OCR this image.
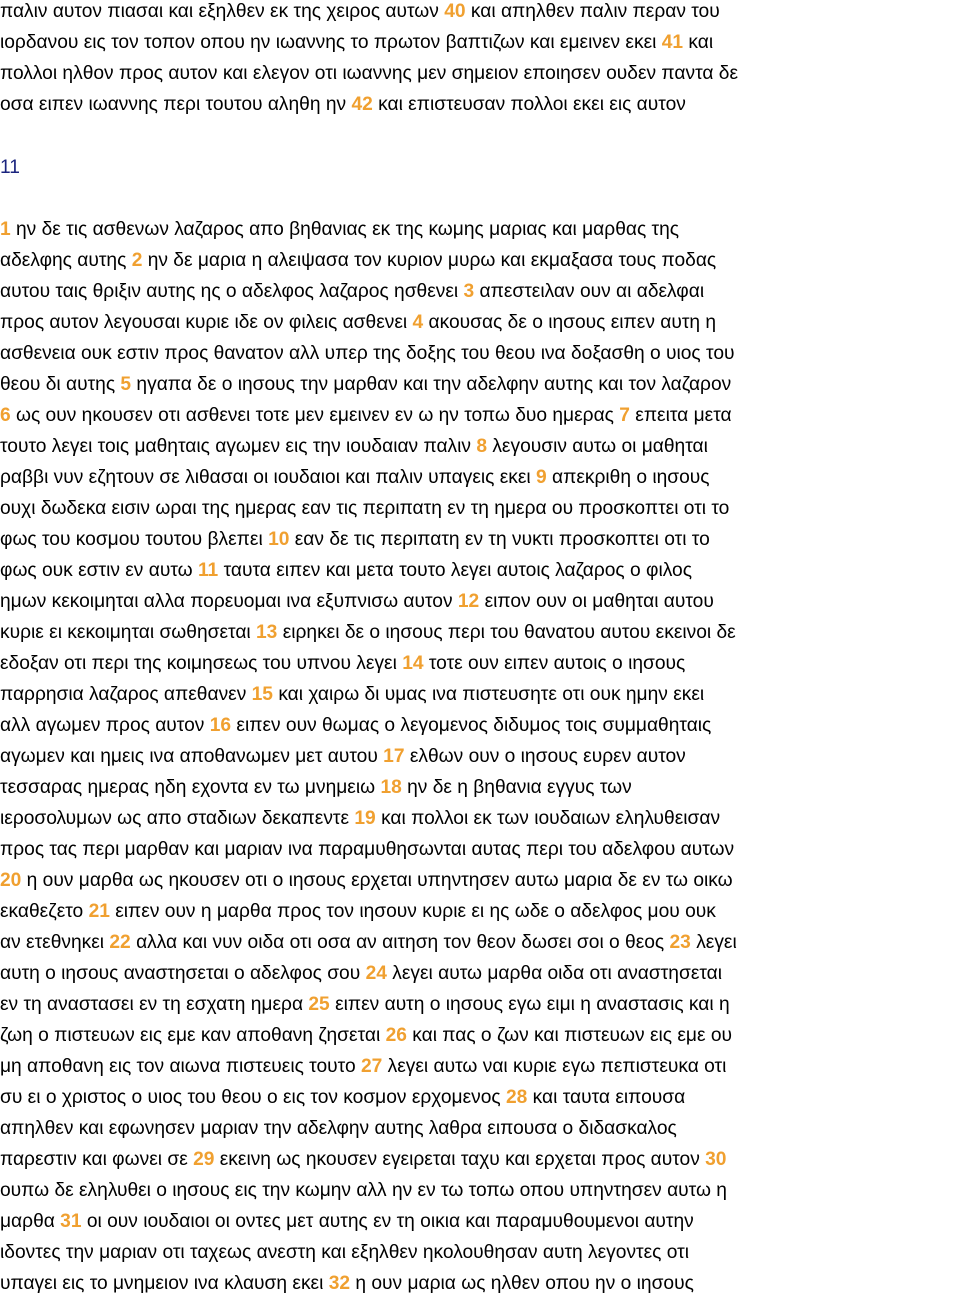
παλιν αυτον πιασαι και εξηλθεν εκ της χειρος αυτων 40 και απηλθεν παλιν περαν του
ιορδανου εις τον τοπον οπου ην ιωαννης το πρωτον βαπτιζων και εμεινεν εκει 41 και
πολλοι ηλθον προς αυτον και ελεγον οτι ιωαννης μεν σημειον εποιησεν ουδεν παντα δε
οσα ειπεν ιωαννης περι τουτου αληθη ην 42 και επιστευσαν πολλοι εκει εις αυτον
11
1 ην δε τις ασθενων λαζαρος απο βηθανιας εκ της κωμης μαριας και μαρθας της
αδελφης αυτης 2 ην δε μαρια η αλειψασα τον κυριον μυρω και εκμαξασα τους ποδας
αυτου ταις θριξιν αυτης ης ο αδελφος λαζαρος ησθενει 3 απεστειλαν ουν αι αδελφαι
προς αυτον λεγουσαι κυριε ιδε ον φιλεις ασθενει 4 ακουσας δε ο ιησους ειπεν αυτη η
ασθενεια ουκ εστιν προς θανατον αλλ υπερ της δοξης του θεου ινα δοξασθη ο υιος του
θεου δι αυτης 5 ηγαπα δε ο ιησους την μαρθαν και την αδελφην αυτης και τον λαζαρον
6 ως ουν ηκουσεν οτι ασθενει τοτε μεν εμεινεν εν ω ην τοπω δυο ημερας 7 επειτα μετα
τουτο λεγει τοις μαθηταις αγωμεν εις την ιουδαιαν παλιν 8 λεγουσιν αυτω οι μαθηται
ραββι νυν εζητουν σε λιθασαι οι ιουδαιοι και παλιν υπαγεις εκει 9 απεκριθη ο ιησους
ουχι δωδεκα εισιν ωραι της ημερας εαν τις περιπατη εν τη ημερα ου προσκοπτει οτι το
φως του κοσμου τουτου βλεπει 10 εαν δε τις περιπατη εν τη νυκτι προσκοπτει οτι το
φως ουκ εστιν εν αυτω 11 ταυτα ειπεν και μετα τουτο λεγει αυτοις λαζαρος ο φιλος
ημων κεκοιμηται αλλα πορευομαι ινα εξυπνισω αυτον 12 ειπον ουν οι μαθηται αυτου
κυριε ει κεκοιμηται σωθησεται 13 ειρηκει δε ο ιησους περι του θανατου αυτου εκεινοι δε
εδοξαν οτι περι της κοιμησεως του υπνου λεγει 14 τοτε ουν ειπεν αυτοις ο ιησους
παρρησια λαζαρος απεθανεν 15 και χαιρω δι υμας ινα πιστευσητε οτι ουκ ημην εκει
αλλ αγωμεν προς αυτον 16 ειπεν ουν θωμας ο λεγομενος διδυμος τοις συμμαθηταις
αγωμεν και ημεις ινα αποθανωμεν μετ αυτου 17 ελθων ουν ο ιησους ευρεν αυτον
τεσσαρας ημερας ηδη εχοντα εν τω μνημειω 18 ην δε η βηθανια εγγυς των
ιεροσολυμων ως απο σταδιων δεκαπεντε 19 και πολλοι εκ των ιουδαιων εληλυθεισαν
προς τας περι μαρθαν και μαριαν ινα παραμυθησωνται αυτας περι του αδελφου αυτων
20 η ουν μαρθα ως ηκουσεν οτι ο ιησους ερχεται υπηντησεν αυτω μαρια δε εν τω οικω
εκαθεζετο 21 ειπεν ουν η μαρθα προς τον ιησουν κυριε ει ης ωδε ο αδελφος μου ουκ
αν ετεθνηκει 22 αλλα και νυν οιδα οτι οσα αν αιτηση τον θεον δωσει σοι ο θεος 23 λεγει
αυτη ο ιησους αναστησεται ο αδελφος σου 24 λεγει αυτω μαρθα οιδα οτι αναστησεται
εν τη αναστασει εν τη εσχατη ημερα 25 ειπεν αυτη ο ιησους εγω ειμι η αναστασις και η
ζωη ο πιστευων εις εμε καν αποθανη ζησεται 26 και πας ο ζων και πιστευων εις εμε ου
μη αποθανη εις τον αιωνα πιστευεις τουτο 27 λεγει αυτω ναι κυριε εγω πεπιστευκα οτι
συ ει ο χριστος ο υιος του θεου ο εις τον κοσμον ερχομενος 28 και ταυτα ειπουσα
απηλθεν και εφωνησεν μαριαν την αδελφην αυτης λαθρα ειπουσα ο διδασκαλος
παρεστιν και φωνει σε 29 εκεινη ως ηκουσεν εγειρεται ταχυ και ερχεται προς αυτον 30
ουπω δε εληλυθει ο ιησους εις την κωμην αλλ ην εν τω τοπω οπου υπηντησεν αυτω η
μαρθα 31 οι ουν ιουδαιοι οι οντες μετ αυτης εν τη οικια και παραμυθουμενοι αυτην
ιδοντες την μαριαν οτι ταχεως ανεστη και εξηλθεν ηκολουθησαν αυτη λεγοντες οτι
υπαγει εις το μνημειον ινα κλαυση εκει 32 η ουν μαρια ως ηλθεν οπου ην ο ιησους
